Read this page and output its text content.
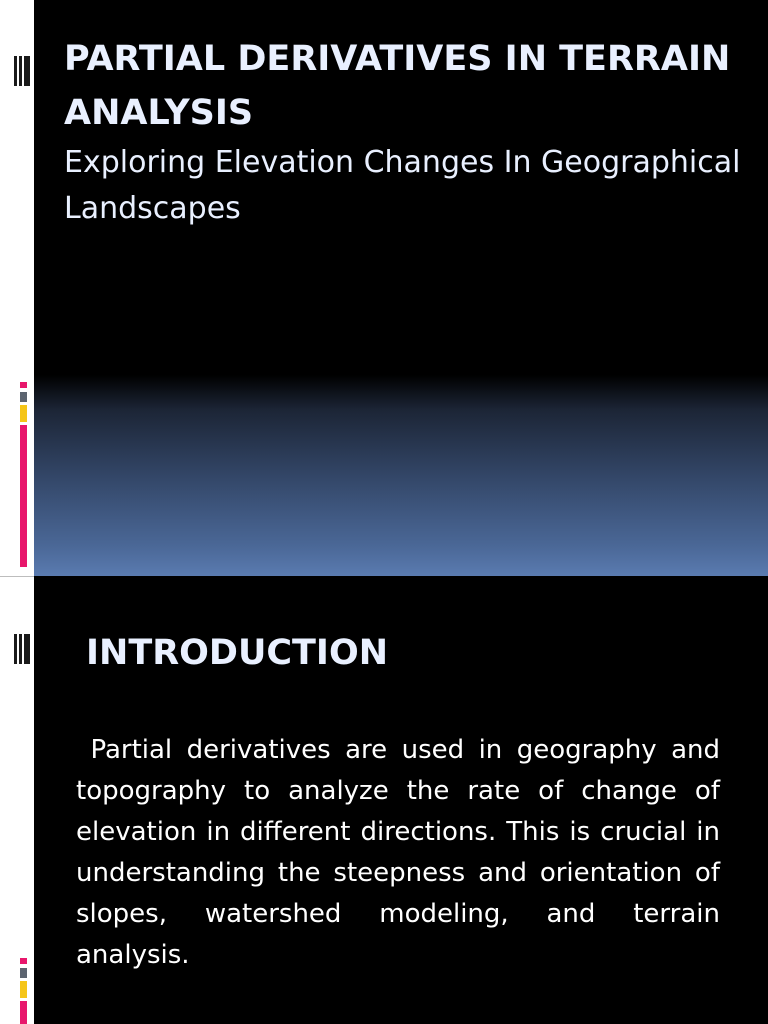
PARTIAL DERIVATIVES IN TERRAIN ANALYSIS

Exploring Elevation Changes In Geographical Landscapes

INTRODUCTION

Partial derivatives are used in geography and topography to analyze the rate of change of elevation in different directions. This is crucial in understanding the steepness and orientation of slopes, watershed modeling, and terrain analysis.
